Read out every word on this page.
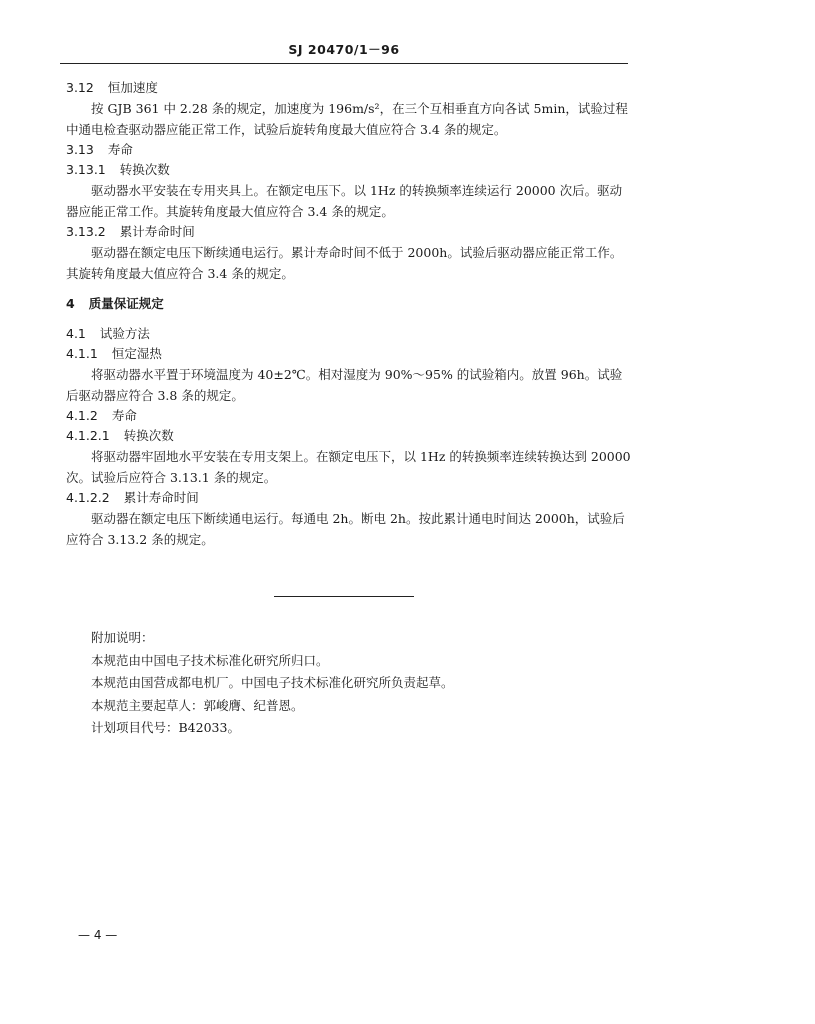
SJ 20470/1－96

3.12 恒加速度

按 GJB 361 中 2.28 条的规定，加速度为 196m/s²，在三个互相垂直方向各试 5min，试验过程中通电检查驱动器应能正常工作，试验后旋转角度最大值应符合 3.4 条的规定。

3.13 寿命

3.13.1 转换次数

驱动器水平安装在专用夹具上。在额定电压下。以 1Hz 的转换频率连续运行 20000 次后。驱动器应能正常工作。其旋转角度最大值应符合 3.4 条的规定。

3.13.2 累计寿命时间

驱动器在额定电压下断续通电运行。累计寿命时间不低于 2000h。试验后驱动器应能正常工作。其旋转角度最大值应符合 3.4 条的规定。

4 质量保证规定

4.1 试验方法

4.1.1 恒定湿热

将驱动器水平置于环境温度为 40±2℃。相对湿度为 90%～95% 的试验箱内。放置 96h。试验后驱动器应符合 3.8 条的规定。

4.1.2 寿命

4.1.2.1 转换次数

将驱动器牢固地水平安装在专用支架上。在额定电压下，以 1Hz 的转换频率连续转换达到 20000 次。试验后应符合 3.13.1 条的规定。

4.1.2.2 累计寿命时间

驱动器在额定电压下断续通电运行。每通电 2h。断电 2h。按此累计通电时间达 2000h，试验后应符合 3.13.2 条的规定。

附加说明：

本规范由中国电子技术标准化研究所归口。

本规范由国营成都电机厂。中国电子技术标准化研究所负责起草。

本规范主要起草人：郭峻膺、纪普恩。

计划项目代号：B42033。

— 4 —
